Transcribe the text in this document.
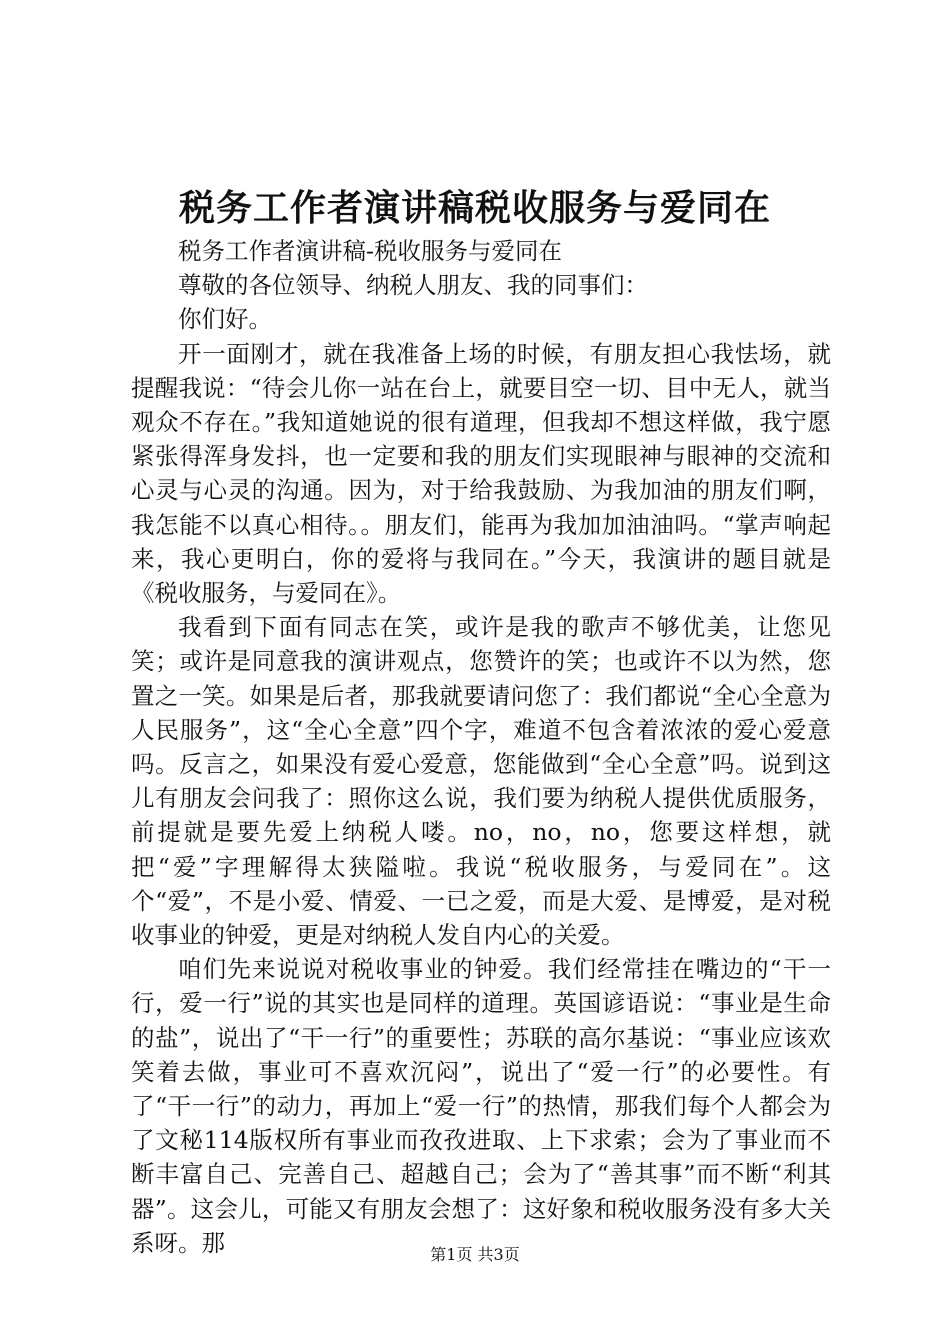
税务工作者演讲稿税收服务与爱同在

税务工作者演讲稿-税收服务与爱同在

尊敬的各位领导、纳税人朋友、我的同事们：

你们好。

开一面刚才，就在我准备上场的时候，有朋友担心我怯场，就提醒我说：“待会儿你一站在台上，就要目空一切、目中无人，就当观众不存在。”我知道她说的很有道理，但我却不想这样做，我宁愿紧张得浑身发抖，也一定要和我的朋友们实现眼神与眼神的交流和心灵与心灵的沟通。因为，对于给我鼓励、为我加油的朋友们啊，我怎能不以真心相待。。朋友们，能再为我加加油油吗。“掌声响起来，我心更明白，你的爱将与我同在。”今天，我演讲的题目就是《税收服务，与爱同在》。

我看到下面有同志在笑，或许是我的歌声不够优美，让您见笑；或许是同意我的演讲观点，您赞许的笑；也或许不以为然，您置之一笑。如果是后者，那我就要请问您了：我们都说“全心全意为人民服务”，这“全心全意”四个字，难道不包含着浓浓的爱心爱意吗。反言之，如果没有爱心爱意，您能做到“全心全意”吗。说到这儿有朋友会问我了：照你这么说，我们要为纳税人提供优质服务，前提就是要先爱上纳税人喽。no，no，no，您要这样想，就把“爱”字理解得太狭隘啦。我说“税收服务，与爱同在”。这个“爱”，不是小爱、情爱、一已之爱，而是大爱、是博爱，是对税收事业的钟爱，更是对纳税人发自内心的关爱。

咱们先来说说对税收事业的钟爱。我们经常挂在嘴边的“干一行，爱一行”说的其实也是同样的道理。英国谚语说：“事业是生命的盐”，说出了“干一行”的重要性；苏联的高尔基说：“事业应该欢笑着去做，事业可不喜欢沉闷”，说出了“爱一行”的必要性。有了“干一行”的动力，再加上“爱一行”的热情，那我们每个人都会为了文秘114版权所有事业而孜孜进取、上下求索；会为了事业而不断丰富自己、完善自己、超越自己；会为了“善其事”而不断“利其器”。这会儿，可能又有朋友会想了：这好象和税收服务没有多大关系呀。那	第1页 共3页
